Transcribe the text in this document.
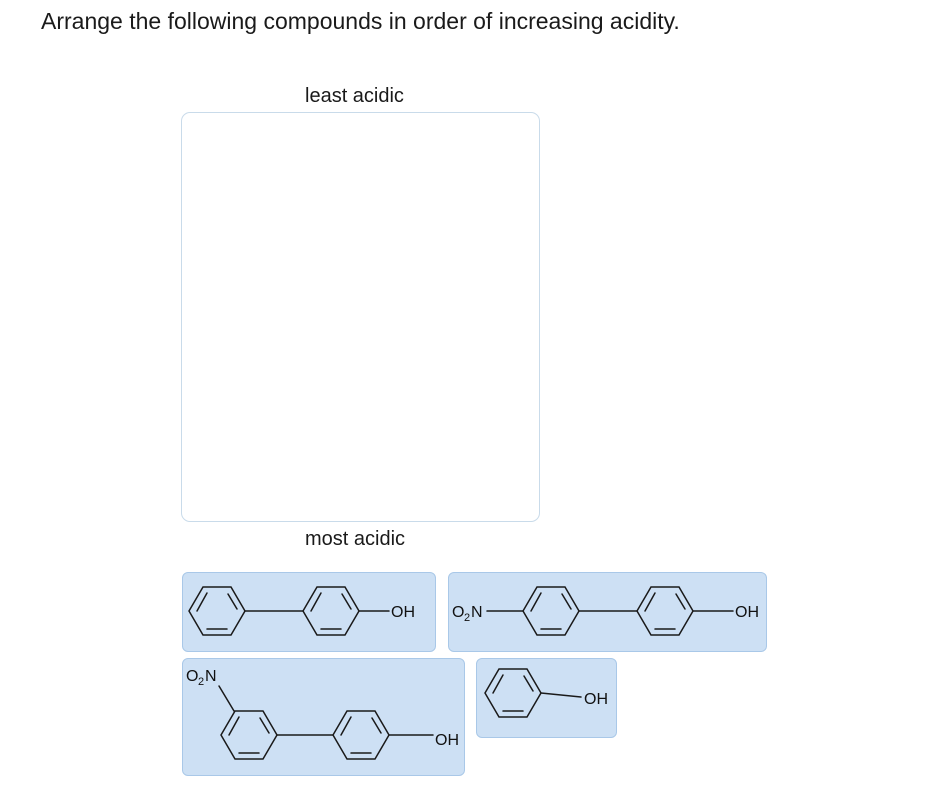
Arrange the following compounds in order of increasing acidity.
least acidic
most acidic
OH O 2 N	OH
O 2 N
OH
OH
